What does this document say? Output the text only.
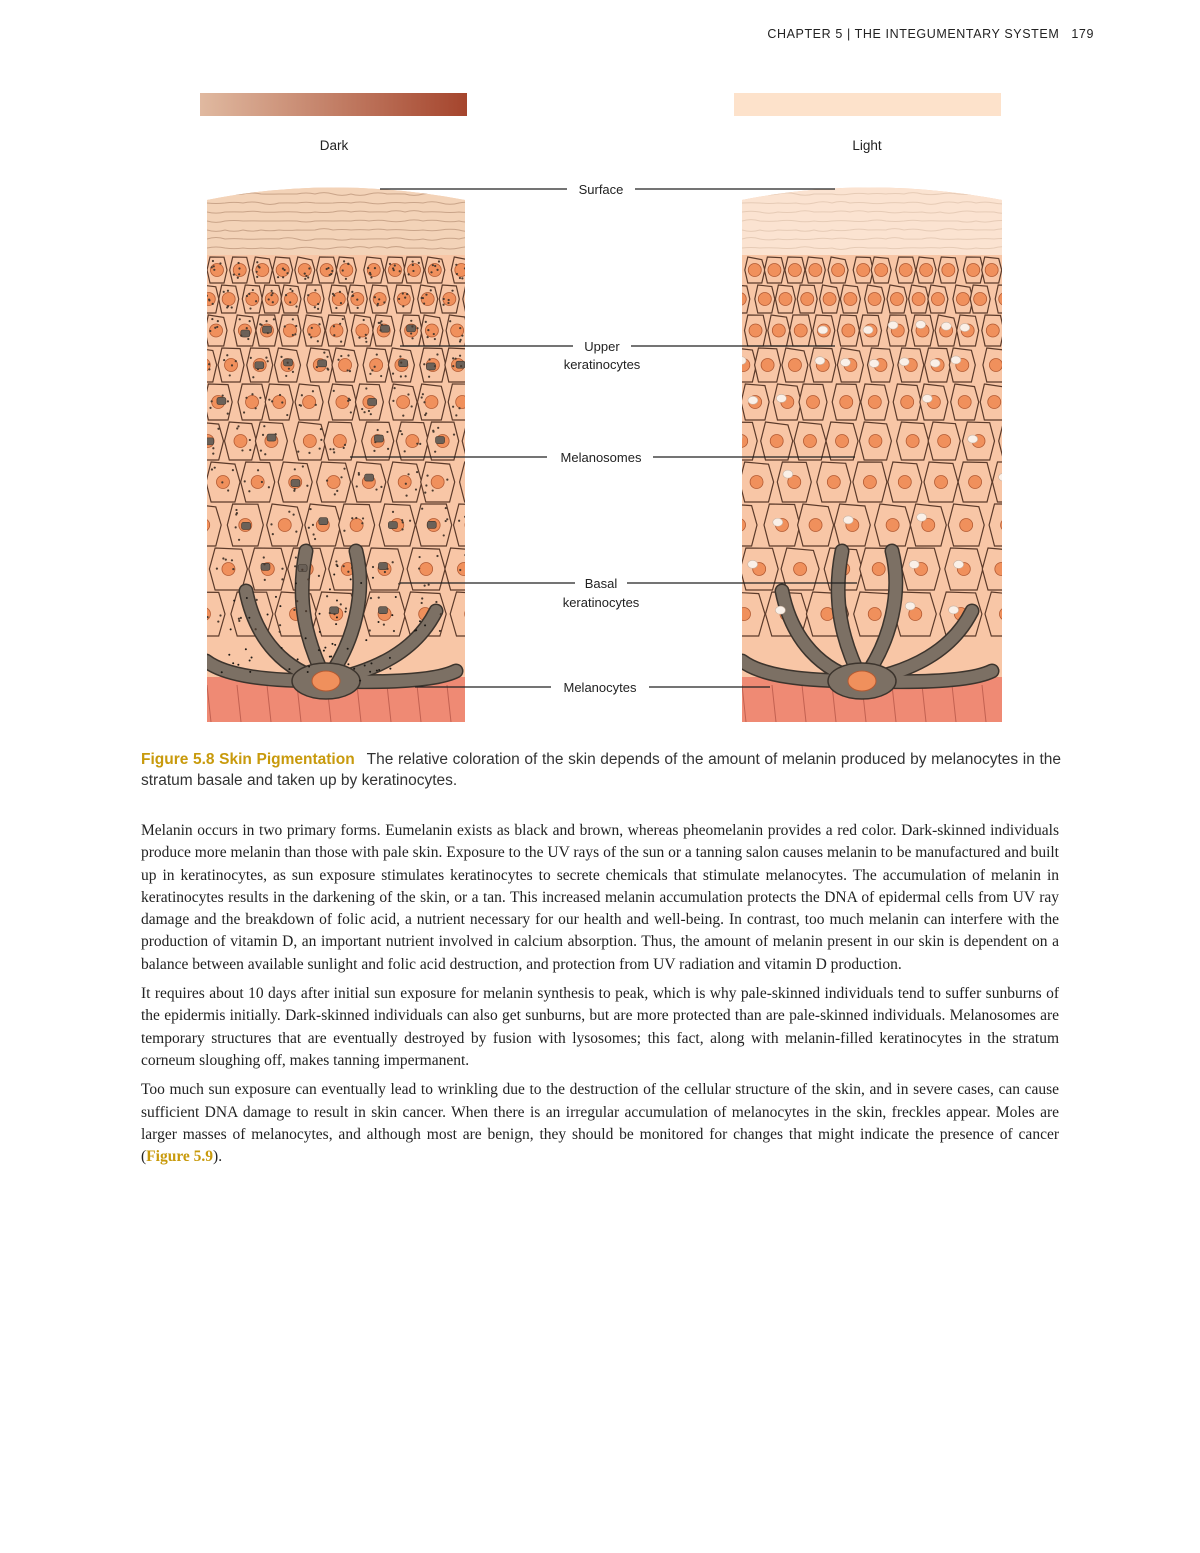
CHAPTER 5 | THE INTEGUMENTARY SYSTEM 179
Dark	Light
Surface
Upper
keratinocytes
Melanosomes
Basal
keratinocytes
Melanocytes
Figure 5.8 Skin Pigmentation The relative coloration of the skin depends of the amount of melanin produced by melanocytes in the stratum basale and taken up by keratinocytes.

Melanin occurs in two primary forms. Eumelanin exists as black and brown, whereas pheomelanin provides a red color. Dark-skinned individuals produce more melanin than those with pale skin. Exposure to the UV rays of the sun or a tanning salon causes melanin to be manufactured and built up in keratinocytes, as sun exposure stimulates keratinocytes to secrete chemicals that stimulate melanocytes. The accumulation of melanin in keratinocytes results in the darkening of the skin, or a tan. This increased melanin accumulation protects the DNA of epidermal cells from UV ray damage and the breakdown of folic acid, a nutrient necessary for our health and well-being. In contrast, too much melanin can interfere with the production of vitamin D, an important nutrient involved in calcium absorption. Thus, the amount of melanin present in our skin is dependent on a balance between available sunlight and folic acid destruction, and protection from UV radiation and vitamin D production.

It requires about 10 days after initial sun exposure for melanin synthesis to peak, which is why pale-skinned individuals tend to suffer sunburns of the epidermis initially. Dark-skinned individuals can also get sunburns, but are more protected than are pale-skinned individuals. Melanosomes are temporary structures that are eventually destroyed by fusion with lysosomes; this fact, along with melanin-filled keratinocytes in the stratum corneum sloughing off, makes tanning impermanent.

Too much sun exposure can eventually lead to wrinkling due to the destruction of the cellular structure of the skin, and in severe cases, can cause sufficient DNA damage to result in skin cancer. When there is an irregular accumulation of melanocytes in the skin, freckles appear. Moles are larger masses of melanocytes, and although most are benign, they should be monitored for changes that might indicate the presence of cancer (Figure 5.9).
